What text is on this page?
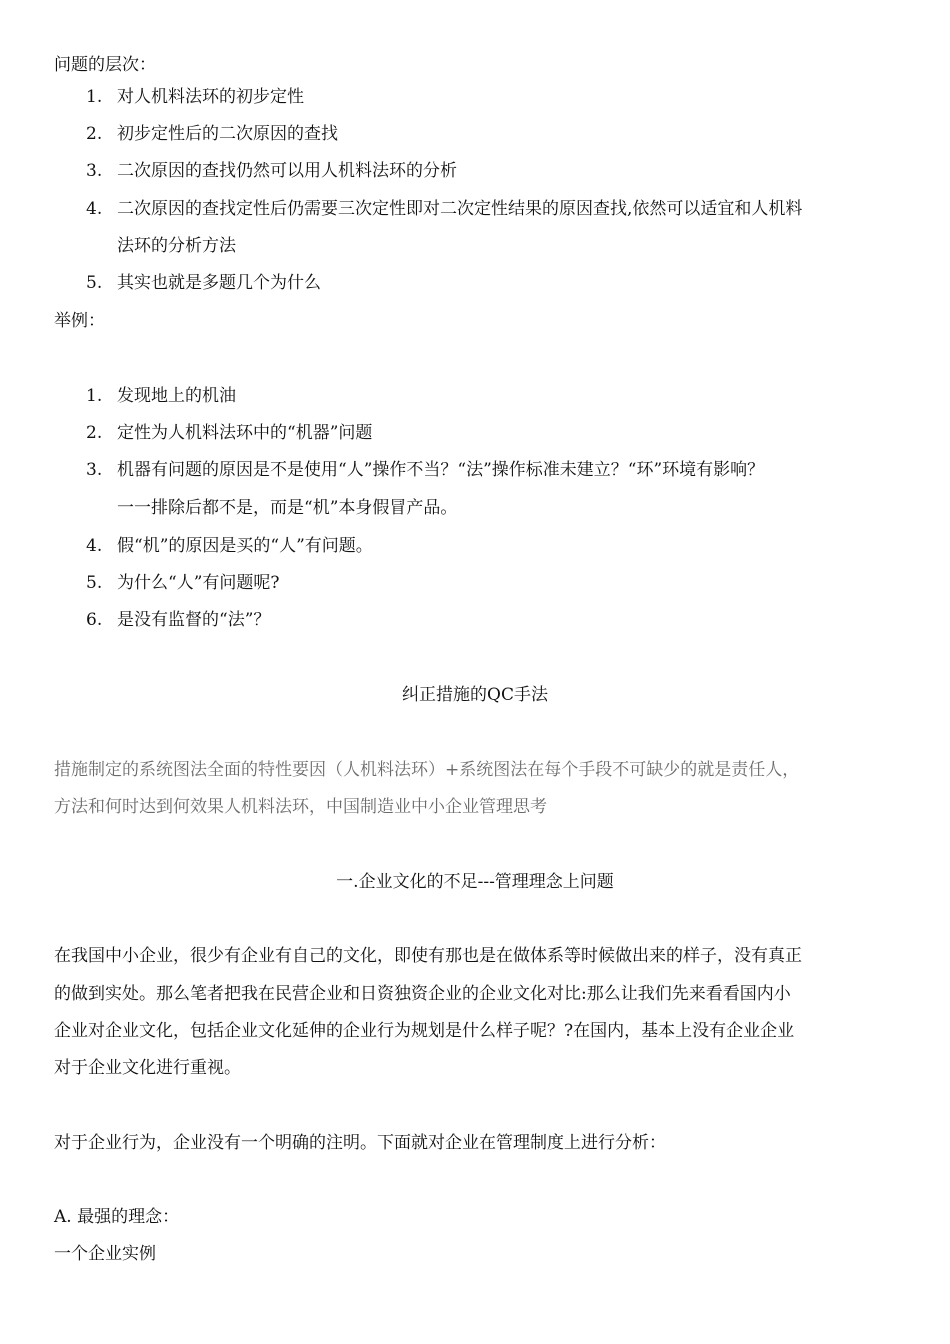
问题的层次：
1. 对人机料法环的初步定性
2. 初步定性后的二次原因的查找
3. 二次原因的查找仍然可以用人机料法环的分析
4. 二次原因的查找定性后仍需要三次定性即对二次定性结果的原因查找,依然可以适宜和人机料
法环的分析方法
5. 其实也就是多题几个为什么
举例：
1. 发现地上的机油
2. 定性为人机料法环中的“机器”问题
3. 机器有问题的原因是不是使用“人”操作不当？“法”操作标准未建立？“环”环境有影响？
一一排除后都不是，而是“机”本身假冒产品。
4. 假“机”的原因是买的“人”有问题。
5. 为什么“人”有问题呢?
6. 是没有监督的“法”？
纠正措施的QC手法
措施制定的系统图法全面的特性要因（人机料法环）+系统图法在每个手段不可缺少的就是责任人，
方法和何时达到何效果人机料法环，中国制造业中小企业管理思考
一.企业文化的不足---管理理念上问题
在我国中小企业，很少有企业有自己的文化，即使有那也是在做体系等时候做出来的样子，没有真正
的做到实处。那么笔者把我在民营企业和日资独资企业的企业文化对比:那么让我们先来看看国内小
企业对企业文化，包括企业文化延伸的企业行为规划是什么样子呢？?在国内，基本上没有企业企业
对于企业文化进行重视。
对于企业行为，企业没有一个明确的注明。下面就对企业在管理制度上进行分析：
A. 最强的理念：
一个企业实例
